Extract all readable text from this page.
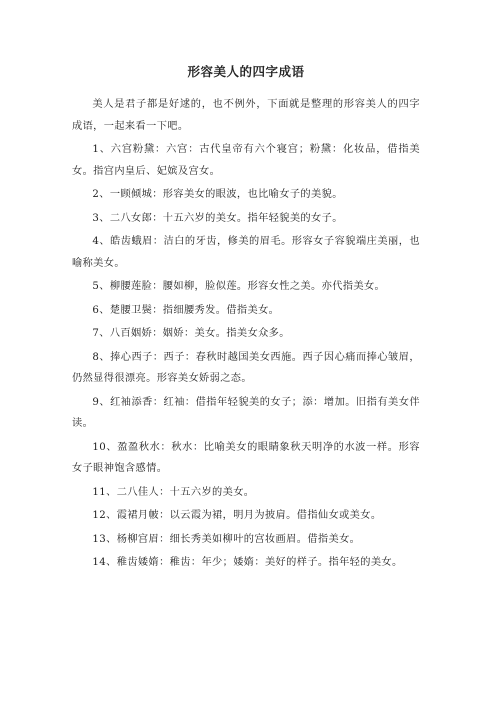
形容美人的四字成语

美人是君子都是好逑的，也不例外，下面就是整理的形容美人的四字成语，一起来看一下吧。

1、六宫粉黛：六宫：古代皇帝有六个寝宫；粉黛：化妆品，借指美女。指宫内皇后、妃嫔及宫女。

2、一顾倾城：形容美女的眼波，也比喻女子的美貌。

3、二八女郎：十五六岁的美女。指年轻貌美的女子。

4、皓齿蛾眉：洁白的牙齿，修美的眉毛。形容女子容貌端庄美丽，也喻称美女。

5、柳腰莲脸：腰如柳，脸似莲。形容女性之美。亦代指美女。

6、楚腰卫鬓：指细腰秀发。借指美女。

7、八百姻娇：姻娇：美女。指美女众多。

8、捧心西子：西子：春秋时越国美女西施。西子因心痛而捧心皱眉，仍然显得很漂亮。形容美女娇弱之态。

9、红袖添香：红袖：借指年轻貌美的女子；添：增加。旧指有美女伴读。

10、盈盈秋水：秋水：比喻美女的眼睛象秋天明净的水波一样。形容女子眼神饱含感情。

11、二八佳人：十五六岁的美女。

12、霞裙月帔：以云霞为裙，明月为披肩。借指仙女或美女。

13、杨柳宫眉：细长秀美如柳叶的宫妆画眉。借指美女。

14、稚齿婑媠：稚齿：年少；婑媠：美好的样子。指年轻的美女。
